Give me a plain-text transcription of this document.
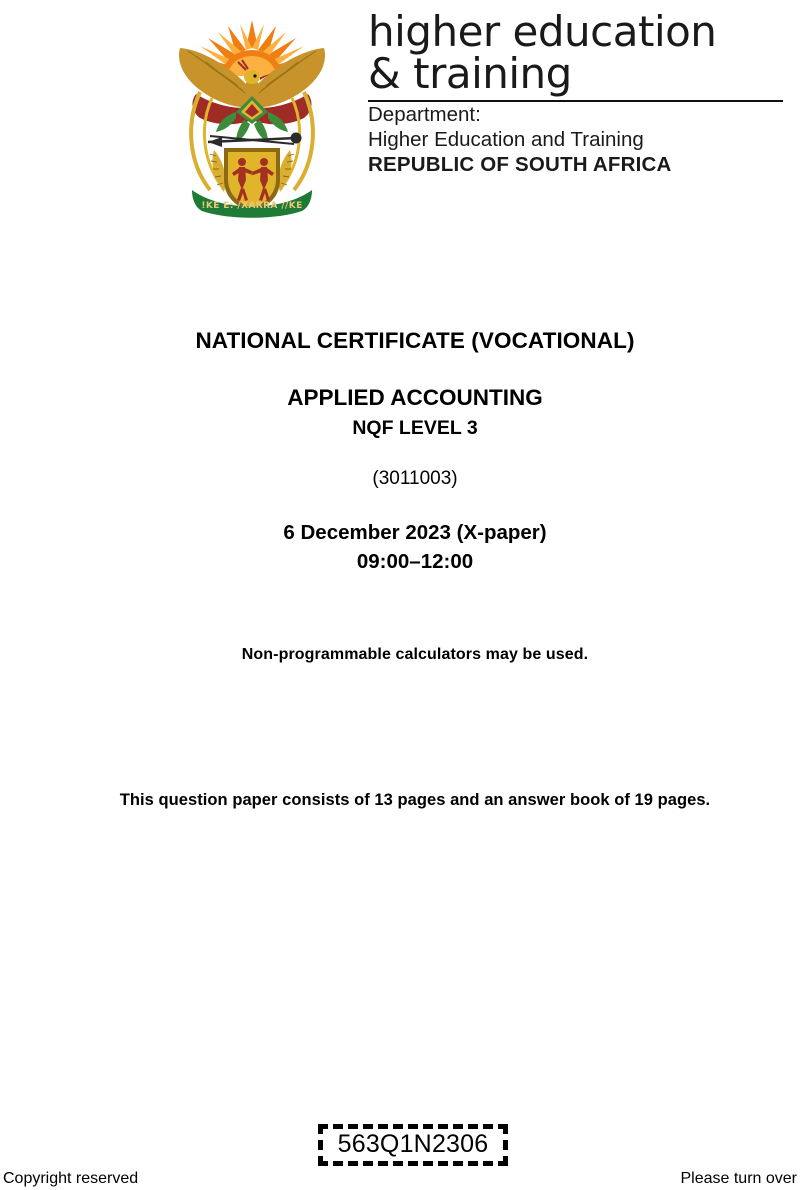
!KE E: /XARRA //KE
higher education
& training
Department:
Higher Education and Training
REPUBLIC OF SOUTH AFRICA
NATIONAL CERTIFICATE (VOCATIONAL)
APPLIED ACCOUNTING
NQF LEVEL 3
(3011003)
6 December 2023 (X-paper)
09:00–12:00
Non-programmable calculators may be used.
This question paper consists of 13 pages and an answer book of 19 pages.
563Q1N2306
Copyright reserved	Please turn over
